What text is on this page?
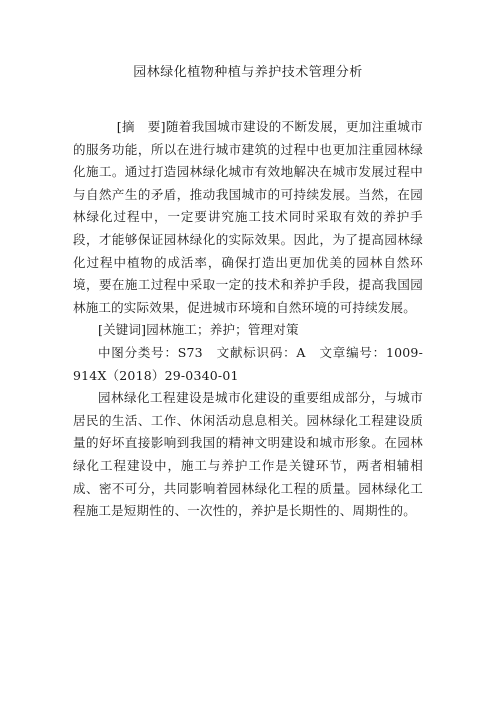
园林绿化植物种植与养护技术管理分析

[摘　要]随着我国城市建设的不断发展，更加注重城市的服务功能，所以在进行城市建筑的过程中也更加注重园林绿化施工。通过打造园林绿化城市有效地解决在城市发展过程中与自然产生的矛盾，推动我国城市的可持续发展。当然，在园林绿化过程中，一定要讲究施工技术同时采取有效的养护手段，才能够保证园林绿化的实际效果。因此，为了提高园林绿化过程中植物的成活率，确保打造出更加优美的园林自然环境，要在施工过程中采取一定的技术和养护手段，提高我国园林施工的实际效果，促进城市环境和自然环境的可持续发展。

[关键词]园林施工；养护；管理对策

中图分类号：S73　文献标识码：A　文章编号：1009-914X（2018）29-0340-01

园林绿化工程建设是城市化建设的重要组成部分，与城市居民的生活、工作、休闲活动息息相关。园林绿化工程建设质量的好坏直接影响到我国的精神文明建设和城市形象。在园林绿化工程建设中，施工与养护工作是关键环节，两者相辅相成、密不可分，共同影响着园林绿化工程的质量。园林绿化工程施工是短期性的、一次性的，养护是长期性的、周期性的。
